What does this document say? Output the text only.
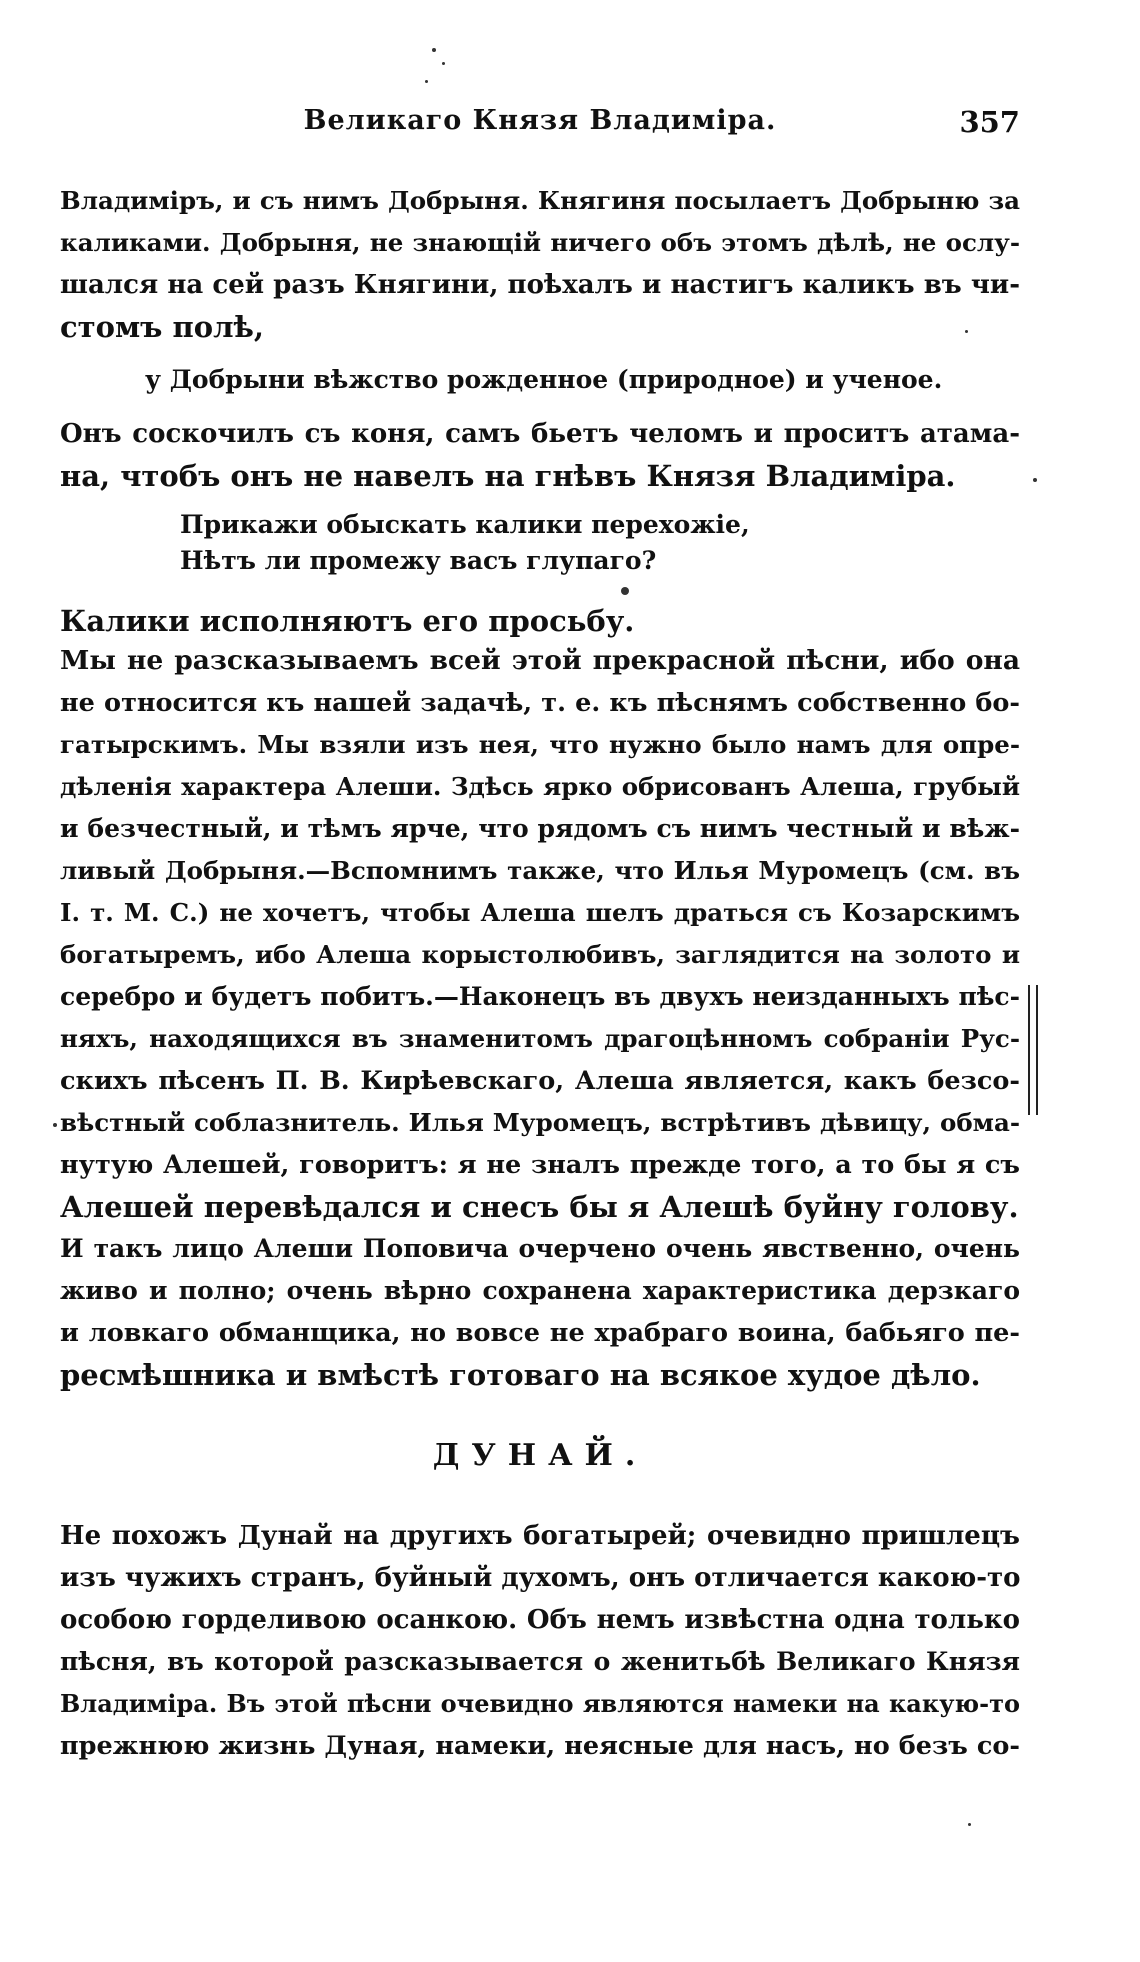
Великаго Князя Владиміра.	357
Владиміръ, и съ нимъ Добрыня. Княгиня посылаетъ Добрыню за
каликами. Добрыня, не знающій ничего объ этомъ дѣлѣ, не ослу-
шался на сей разъ Княгини, поѣхалъ и настигъ каликъ въ чи-
стомъ полѣ,
у Добрыни вѣжство рожденное (природное) и ученое.
Онъ соскочилъ съ коня, самъ бьетъ челомъ и проситъ атама-
на, чтобъ онъ не навелъ на гнѣвъ Князя Владиміра.
Прикажи обыскать калики перехожіе,
Нѣтъ ли промежу васъ глупаго?
Калики исполняютъ его просьбу.
Мы не разсказываемъ всей этой прекрасной пѣсни, ибо она
не относится къ нашей задачѣ, т. е. къ пѣснямъ собственно бо-
гатырскимъ. Мы взяли изъ нея, что нужно было намъ для опре-
дѣленія характера Алеши. Здѣсь ярко обрисованъ Алеша, грубый
и безчестный, и тѣмъ ярче, что рядомъ съ нимъ честный и вѣж-
ливый Добрыня.—Вспомнимъ также, что Илья Муромецъ (см. въ
I. т. М. С.) не хочетъ, чтобы Алеша шелъ драться съ Козарскимъ
богатыремъ, ибо Алеша корыстолюбивъ, заглядится на золото и
серебро и будетъ побитъ.—Наконецъ въ двухъ неизданныхъ пѣс-
няхъ, находящихся въ знаменитомъ драгоцѣнномъ собраніи Рус-
скихъ пѣсенъ П. В. Кирѣевскаго, Алеша является, какъ безсо-
вѣстный соблазнитель. Илья Муромецъ, встрѣтивъ дѣвицу, обма-
нутую Алешей, говоритъ: я не зналъ прежде того, а то бы я съ
Алешей перевѣдался и снесъ бы я Алешѣ буйну голову.
И такъ лицо Алеши Поповича очерчено очень явственно, очень
живо и полно; очень вѣрно сохранена характеристика дерзкаго
и ловкаго обманщика, но вовсе не храбраго воина, бабьяго пе-
ресмѣшника и вмѣстѣ готоваго на всякое худое дѣло.
ДУНАЙ.
Не похожъ Дунай на другихъ богатырей; очевидно пришлецъ
изъ чужихъ странъ, буйный духомъ, онъ отличается какою-то
особою горделивою осанкою. Объ немъ извѣстна одна только
пѣсня, въ которой разсказывается о женитьбѣ Великаго Князя
Владиміра. Въ этой пѣсни очевидно являются намеки на какую-то
прежнюю жизнь Дуная, намеки, неясные для насъ, но безъ со-
